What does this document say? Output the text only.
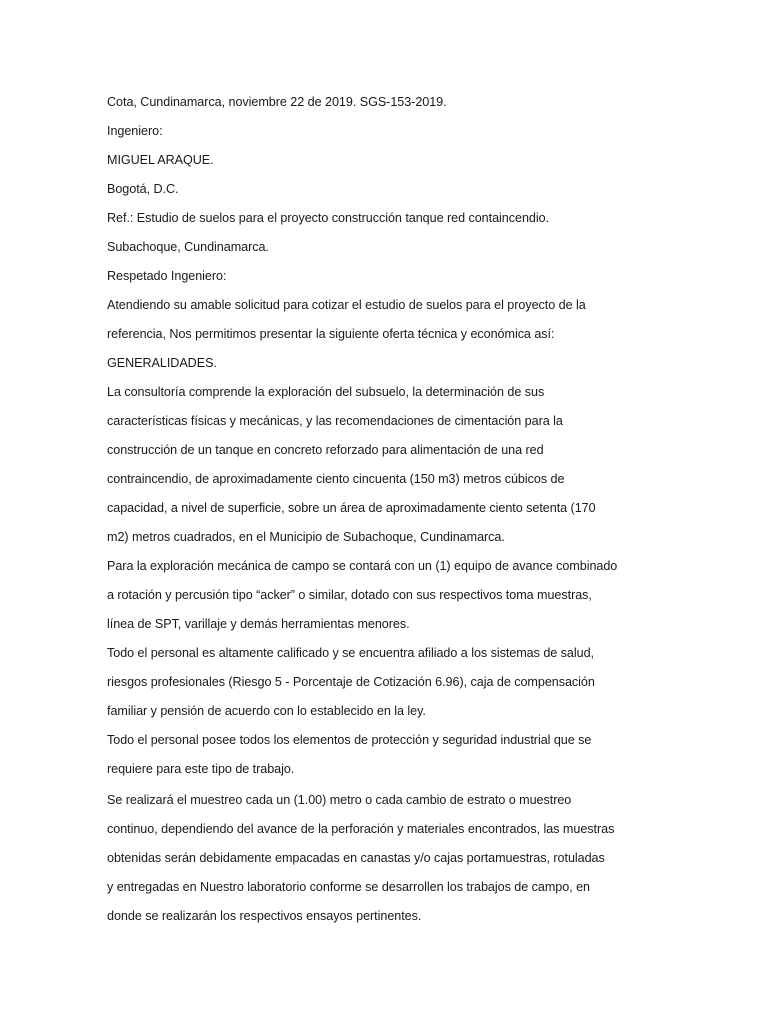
Cota, Cundinamarca, noviembre 22 de 2019. SGS-153-2019.

Ingeniero:

MIGUEL ARAQUE.

Bogotá, D.C.

Ref.: Estudio de suelos para el proyecto construcción tanque red containcendio.

Subachoque, Cundinamarca.

Respetado Ingeniero:

Atendiendo su amable solicitud para cotizar el estudio de suelos para el proyecto de la

referencia, Nos permitimos presentar la siguiente oferta técnica y económica así:

GENERALIDADES.

La consultoría comprende la exploración del subsuelo, la determinación de sus

características físicas y mecánicas, y las recomendaciones de cimentación para la

construcción de un tanque en concreto reforzado para alimentación de una red

contraincendio, de aproximadamente ciento cincuenta (150 m3) metros cúbicos de

capacidad, a nivel de superficie, sobre un área de aproximadamente ciento setenta (170

m2) metros cuadrados, en el Municipio de Subachoque, Cundinamarca.

Para la exploración mecánica de campo se contará con un (1) equipo de avance combinado

a rotación y percusión tipo “acker” o similar, dotado con sus respectivos toma muestras,

línea de SPT, varillaje y demás herramientas menores.

Todo el personal es altamente calificado y se encuentra afiliado a los sistemas de salud,

riesgos profesionales (Riesgo 5 - Porcentaje de Cotización 6.96), caja de compensación

familiar y pensión de acuerdo con lo establecido en la ley.

Todo el personal posee todos los elementos de protección y seguridad industrial que se

requiere para este tipo de trabajo.

Se realizará el muestreo cada un (1.00) metro o cada cambio de estrato o muestreo

continuo, dependiendo del avance de la perforación y materiales encontrados, las muestras

obtenidas serán debidamente empacadas en canastas y/o cajas portamuestras, rotuladas

y entregadas en Nuestro laboratorio conforme se desarrollen los trabajos de campo, en

donde se realizarán los respectivos ensayos pertinentes.
